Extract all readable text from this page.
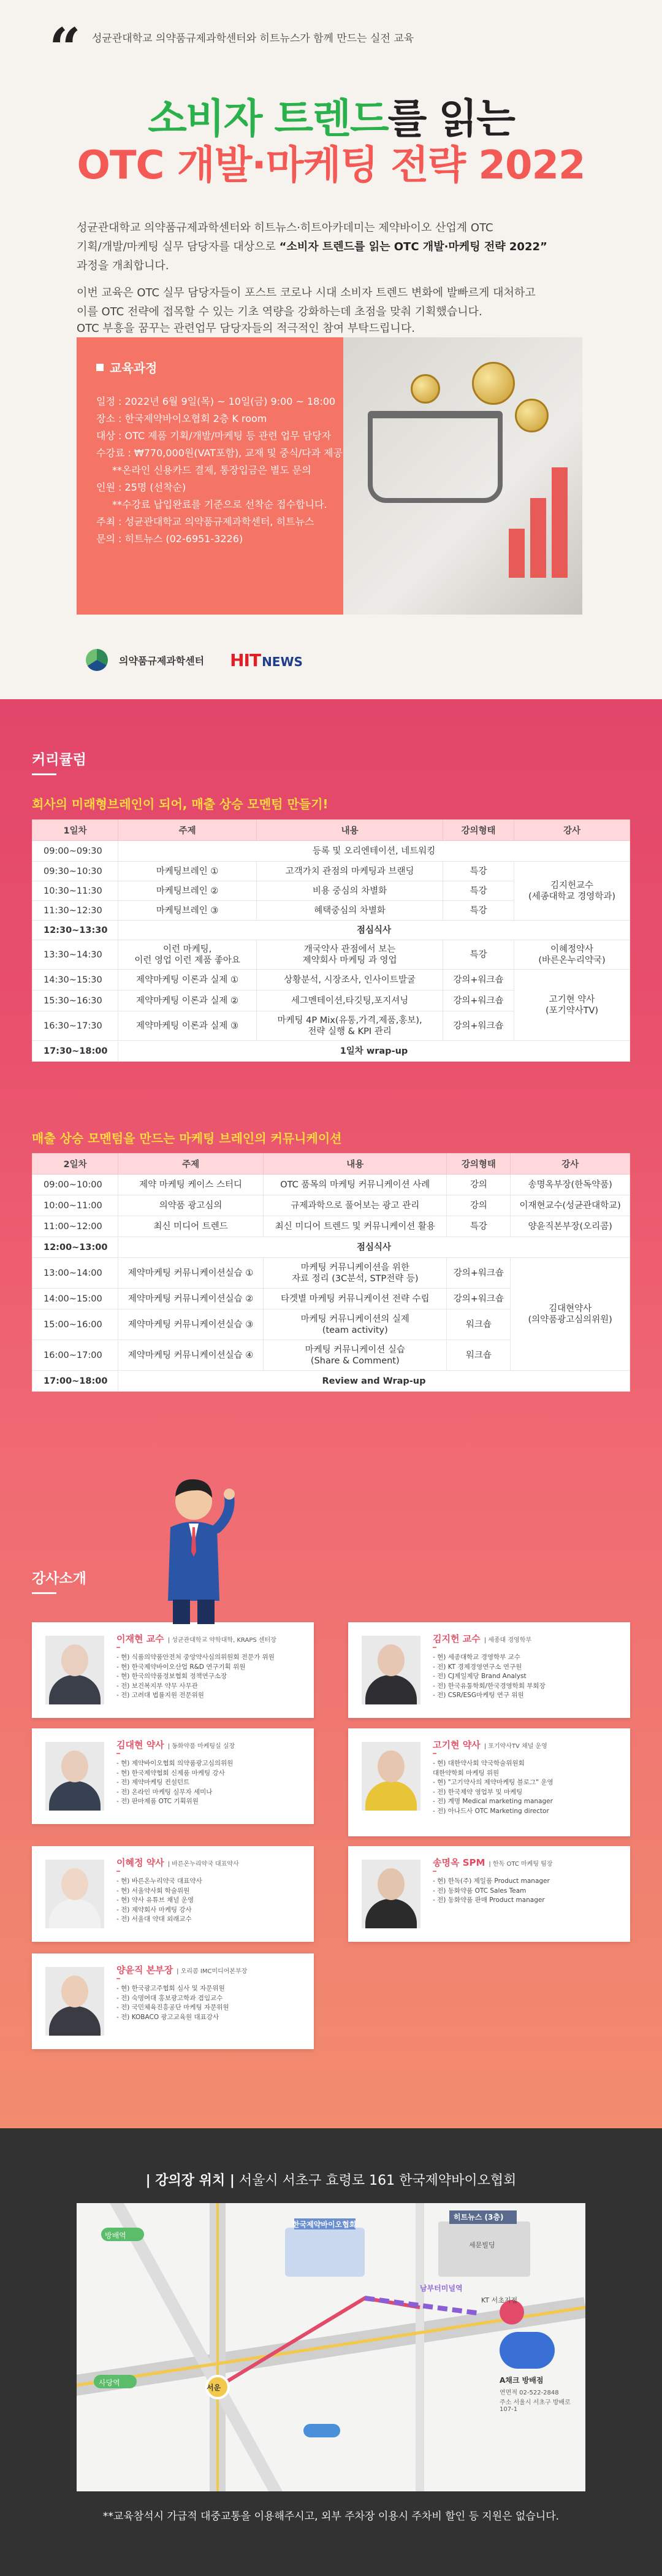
“ 성균관대학교 의약품규제과학센터와 히트뉴스가 함께 만드는 실전 교육
소비자 트렌드를 읽는
OTC 개발·마케팅 전략 2022
성균관대학교 의약품규제과학센터와 히트뉴스·히트아카데미는 제약바이오 산업계 OTC
기획/개발/마케팅 실무 담당자를 대상으로 “소비자 트렌드를 읽는 OTC 개발·마케팅 전략 2022”
과정을 개최합니다.
이번 교육은 OTC 실무 담당자들이 포스트 코로나 시대 소비자 트렌드 변화에 발빠르게 대처하고
이를 OTC 전략에 접목할 수 있는 기초 역량을 강화하는데 초점을 맞춰 기획했습니다.
교육과정
일정 : 2022년 6월 9일(목) ~ 10일(금) 9:00 ~ 18:00
장소 : 한국제약바이오협회 2층 K room
대상 : OTC 제품 기획/개발/마케팅 등 관련 업무 담당자
수강료 : ₩770,000원(VAT포함), 교재 및 중식/다과 제공
**온라인 신용카드 결제, 통장입금은 별도 문의
인원 : 25명 (선착순)
**수강료 납입완료를 기준으로 선착순 접수합니다.
주최 : 성균관대학교 의약품규제과학센터, 히트뉴스
문의 : 히트뉴스 (02-6951-3226)
의약품규제과학센터 HIT NEWS
OTC 부흥을 꿈꾸는 관련업무 담당자들의 적극적인 참여 부탁드립니다.
커리큘럼
회사의 미래형브레인이 되어, 매출 상승 모멘텀 만들기!
1일차	주제	내용	강의형태	강사
09:00~09:30	등록 및 오리엔테이션, 네트워킹			
09:30~10:30	마케팅브레인 ①	고객가치 관점의 마케팅과 브랜딩	특강	김지헌교수
(세종대학교 경영학과)
10:30~11:30	마케팅브레인 ②	비용 중심의 차별화	특강	
11:30~12:30	마케팅브레인 ③	혜택중심의 차별화	특강	
12:30~13:30	점심식사			
13:30~14:30	이런 마케팅,
이런 영업 이런 제품 좋아요	개국약사 관점에서 보는
제약회사 마케팅 과 영업	특강	이혜정약사
(바른온누리약국)
14:30~15:30	제약마케팅 이론과 실제 ①	상황분석, 시장조사, 인사이트발굴	강의+워크숍	고기현 약사
(포기약사TV)
15:30~16:30	제약마케팅 이론과 실제 ②	세그멘테이션,타깃팅,포지셔닝	강의+워크숍	
16:30~17:30	제약마케팅 이론과 실제 ③	마케팅 4P Mix(유통,가격,제품,홍보),
전략 실행 & KPI 관리	강의+워크숍	
17:30~18:00	1일차 wrap-up			
매출 상승 모멘텀을 만드는 마케팅 브레인의 커뮤니케이션
2일차	주제	내용	강의형태	강사
09:00~10:00	제약 마케팅 케이스 스터디	OTC 품목의 마케팅 커뮤니케이션 사례	강의	송명옥부장(한독약품)
10:00~11:00	의약품 광고심의	규제과학으로 풀어보는 광고 관리	강의	이재현교수(성균관대학교)
11:00~12:00	최신 미디어 트렌드	최신 미디어 트렌드 및 커뮤니케이션 활용	특강	양윤직본부장(오리콤)
12:00~13:00	점심식사			
13:00~14:00	제약마케팅 커뮤니케이션실습 ①	마케팅 커뮤니케이션을 위한
자료 정리 (3C분석, STP전략 등)	강의+워크숍	김대현약사
(의약품광고심의위원)
14:00~15:00	제약마케팅 커뮤니케이션실습 ②	타겟별 마케팅 커뮤니케이션 전략 수립	강의+워크숍	
15:00~16:00	제약마케팅 커뮤니케이션실습 ③	마케팅 커뮤니케이션의 실제
(team activity)	워크숍	
16:00~17:00	제약마케팅 커뮤니케이션실습 ④	마케팅 커뮤니케이션 실습
(Share & Comment)	워크숍	
17:00~18:00	Review and Wrap-up			
강사소개
이재현 교수 | 성균관대학교 약학대학, KRAPS 센터장
- 현) 식품의약품안전처 중앙약사심의위원회 전문가 위원
- 현) 한국제약바이오산업 R&D 연구기획 위원
- 현) 한국의약품정보협회 정책연구소장
- 전) 보건복지부 약무 사무관
- 전) 고려대 법률지원 전문위원
김지헌 교수 | 세종대 경영학부
- 현) 세종대학교 경영학부 교수
- 전) KT 경제경영연구소 연구원
- 전) CJ제일제당 Brand Analyst
- 전) 한국유통학회/한국경영학회 부회장
- 전) CSR/ESG마케팅 연구 위원
김대현 약사 | 동화약품 마케팅실 실장
- 현) 제약바이오협회 의약품광고심의위원
- 현) 한국제약협회 신제품 마케팅 강사
- 전) 제약마케팅 컨설턴트
- 전) 온라인 마케팅 실무자 세미나
- 전) 판마제품 OTC 기획위원
고기현 약사 | 포기약사TV 채널 운영
- 현) 대한약사회 약국학술위원회
대한약학회 마케팅 위원
- 현) "고기약사의 제약마케팅 블로그" 운영
- 전) 한국제약 영업부 및 마케팅
- 전) 계명 Medical marketing manager
- 전) 아나드사 OTC Marketing director
이혜정 약사 | 바른온누리약국 대표약사
- 현) 바른온누리약국 대표약사
- 현) 서울약사회 학술위원
- 현) 약사 유튜브 채널 운영
- 전) 제약회사 마케팅 강사
- 전) 서울대 약대 외래교수
송명옥 SPM | 한독 OTC 마케팅 팀장
- 현) 한독(주) 제일품 Product manager
- 전) 동화약품 OTC Sales Team
- 전) 동화약품 판매 Product manager
양윤직 본부장 | 오리콤 IMC미디어본부장
- 현) 한국광고주협회 심사 및 자문위원
- 전) 숙명여대 홍보광고학과 겸임교수
- 전) 국민체육진흥공단 마케팅 자문위원
- 전) KOBACO 광고교육원 대표강사
| 강의장 위치 | 서울시 서초구 효령로 161 한국제약바이오협회
한국제약바이오협회
히트뉴스 (3층)
세문빌딩
KT 서초지점
남부터미널역
방배역
서운
사당역	A채크 방배점
연면적 02-522-2848
주소 서울시 서초구 방배로 107-1
**교육참석시 가급적 대중교통을 이용해주시고, 외부 주차장 이용시 주차비 할인 등 지원은 없습니다.
